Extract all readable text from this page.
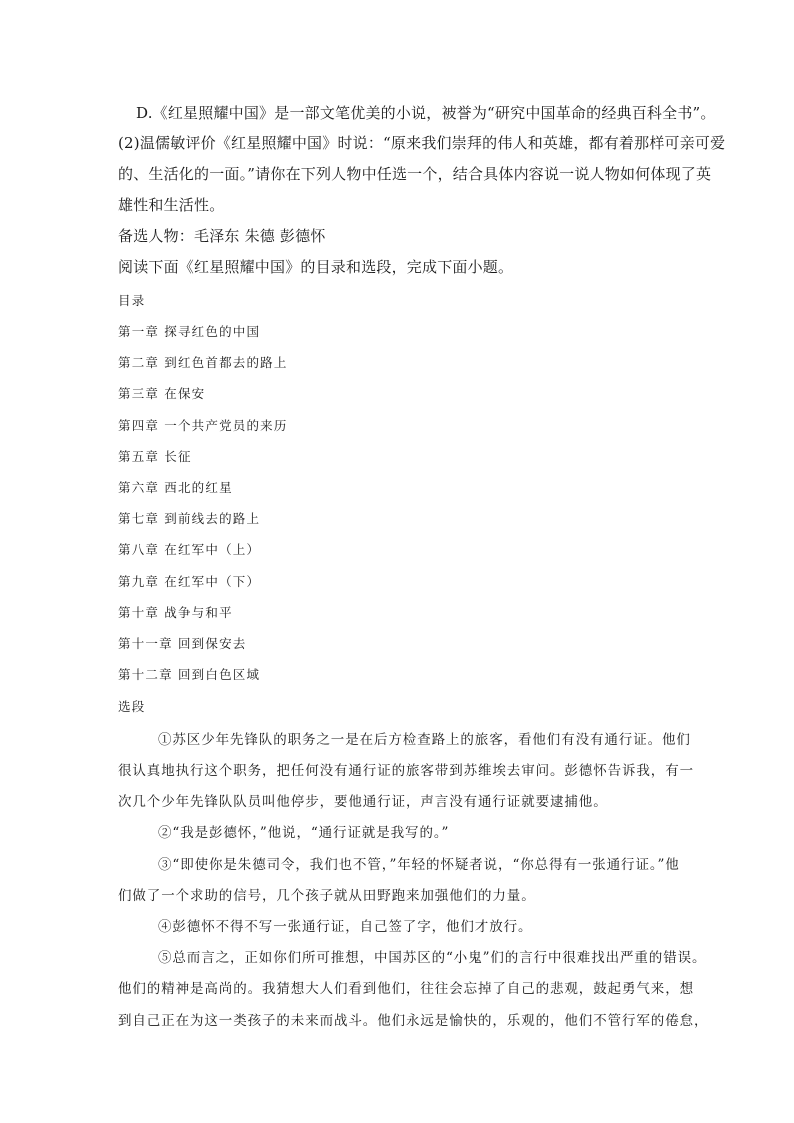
D.《红星照耀中国》是一部文笔优美的小说，被誉为“研究中国革命的经典百科全书”。
(2)温儒敏评价《红星照耀中国》时说：“原来我们崇拜的伟人和英雄，都有着那样可亲可爱
的、生活化的一面。”请你在下列人物中任选一个，结合具体内容说一说人物如何体现了英
雄性和生活性。
备选人物：毛泽东 朱德 彭德怀
阅读下面《红星照耀中国》的目录和选段，完成下面小题。
目录
第一章 探寻红色的中国
第二章 到红色首都去的路上
第三章 在保安
第四章 一个共产党员的来历
第五章 长征
第六章 西北的红星
第七章 到前线去的路上
第八章 在红军中（上）
第九章 在红军中（下）
第十章 战争与和平
第十一章 回到保安去
第十二章 回到白色区域
选段
①苏区少年先锋队的职务之一是在后方检查路上的旅客，看他们有没有通行证。他们
很认真地执行这个职务，把任何没有通行证的旅客带到苏维埃去审问。彭德怀告诉我，有一
次几个少年先锋队队员叫他停步，要他通行证，声言没有通行证就要逮捕他。
②“我是彭德怀，”他说，“通行证就是我写的。”
③“即使你是朱德司令，我们也不管，”年轻的怀疑者说，“你总得有一张通行证。”他
们做了一个求助的信号，几个孩子就从田野跑来加强他们的力量。
④彭德怀不得不写一张通行证，自己签了字，他们才放行。
⑤总而言之，正如你们所可推想，中国苏区的“小鬼”们的言行中很难找出严重的错误。
他们的精神是高尚的。我猜想大人们看到他们，往往会忘掉了自己的悲观，鼓起勇气来，想
到自己正在为这一类孩子的未来而战斗。他们永远是愉快的，乐观的，他们不管行军的倦怠，
